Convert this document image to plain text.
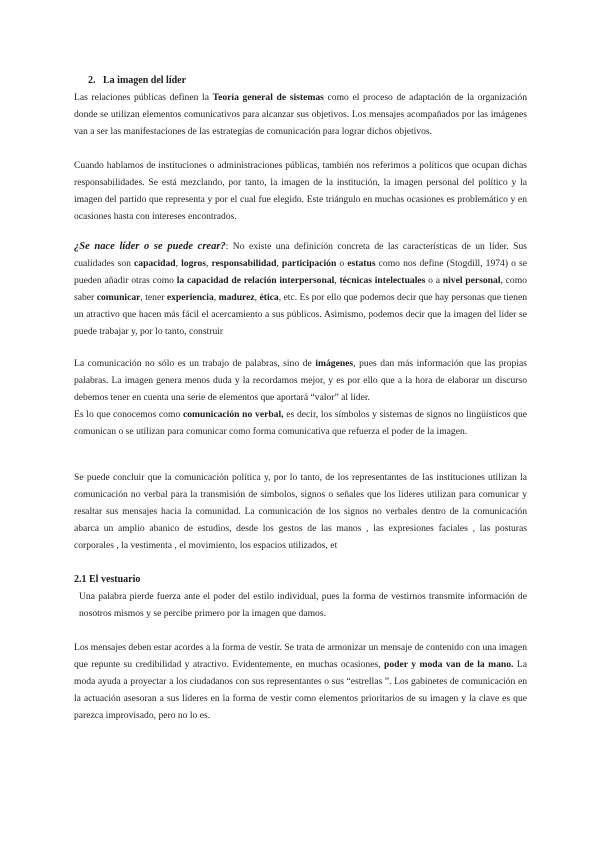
2. La imagen del líder

Las relaciones públicas definen la Teoría general de sistemas como el proceso de adaptación de la organización donde se utilizan elementos comunicativos para alcanzar sus objetivos. Los mensajes acompañados por las imágenes van a ser las manifestaciones de las estrategias de comunicación para lograr dichos objetivos.

Cuando hablamos de instituciones o administraciones públicas, también nos referimos a políticos que ocupan dichas responsabilidades. Se está mezclando, por tanto, la imagen de la institución, la imagen personal del político y la imagen del partido que representa y por el cual fue elegido. Este triángulo en muchas ocasiones es problemático y en ocasiones hasta con intereses encontrados.

¿Se nace líder o se puede crear?: No existe una definición concreta de las características de un líder. Sus cualidades son capacidad, logros, responsabilidad, participación o estatus como nos define (Stogdill, 1974) o se pueden añadir otras como la capacidad de relación interpersonal, técnicas intelectuales o a nivel personal, como saber comunicar, tener experiencia, madurez, ética, etc. Es por ello que podemos decir que hay personas que tienen un atractivo que hacen más fácil el acercamiento a sus públicos. Asimismo, podemos decir que la imagen del líder se puede trabajar y, por lo tanto, construir

La comunicación no sólo es un trabajo de palabras, sino de imágenes, pues dan más información que las propias palabras. La imagen genera menos duda y la recordamos mejor, y es por ello que a la hora de elaborar un discurso debemos tener en cuenta una serie de elementos que aportará “valor” al líder.

Es lo que conocemos como comunicación no verbal, es decir, los símbolos y sistemas de signos no lingüísticos que comunican o se utilizan para comunicar como forma comunicativa que refuerza el poder de la imagen.

Se puede concluir que la comunicación política y, por lo tanto, de los representantes de las instituciones utilizan la comunicación no verbal para la transmisión de símbolos, signos o señales que los líderes utilizan para comunicar y resaltar sus mensajes hacia la comunidad. La comunicación de los signos no verbales dentro de la comunicación abarca un amplio abanico de estudios, desde los gestos de las manos , las expresiones faciales , las posturas corporales , la vestimenta , el movimiento, los espacios utilizados, et

2.1 El vestuario

Una palabra pierde fuerza ante el poder del estilo individual, pues la forma de vestirnos transmite información de nosotros mismos y se percibe primero por la imagen que damos.

Los mensajes deben estar acordes a la forma de vestir. Se trata de armonizar un mensaje de contenido con una imagen que repunte su credibilidad y atractivo. Evidentemente, en muchas ocasiones, poder y moda van de la mano. La moda ayuda a proyectar a los ciudadanos con sus representantes o sus “estrellas ”. Los gabinetes de comunicación en la actuación asesoran a sus líderes en la forma de vestir como elementos prioritarios de su imagen y la clave es que parezca improvisado, pero no lo es.
